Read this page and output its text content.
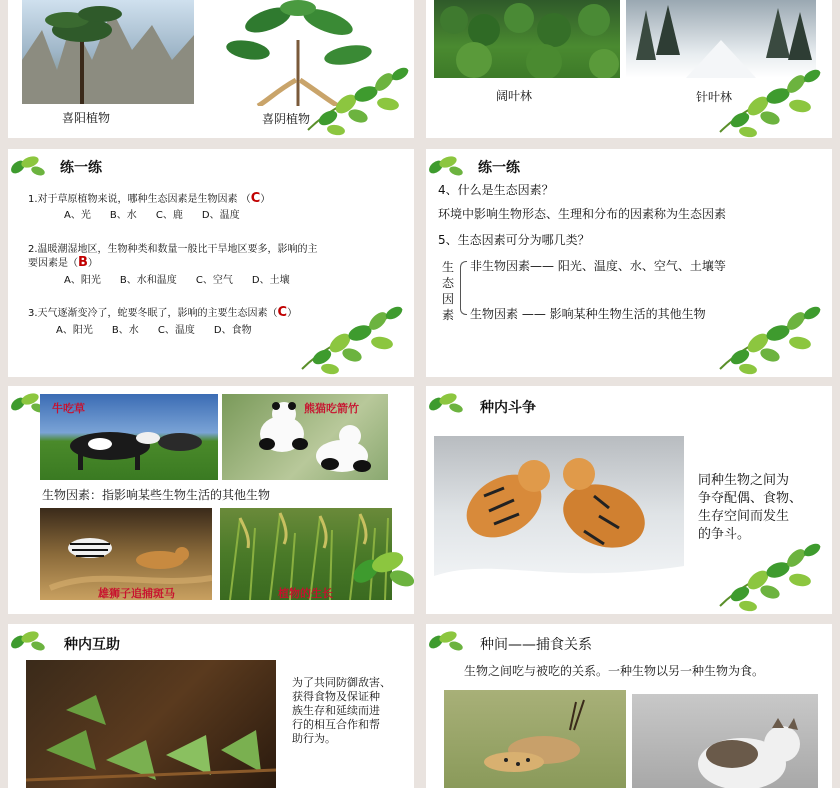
喜阳植物	喜阴植物
阔叶林	针叶林
练一练
1.对于草原植物来说，哪种生态因素是生物因素 （C）
A、光      B、水      C、鹿      D、温度
2.温暖潮湿地区，生物种类和数量一般比干旱地区要多，影响的主
要因素是（B）
A、阳光      B、水和温度      C、空气      D、土壤
3.天气逐渐变冷了，蛇要冬眠了，影响的主要生态因素（C）
A、阳光      B、水      C、温度      D、食物
练一练
4、什么是生态因素？
环境中影响生物形态、生理和分布的因素称为生态因素
5、生态因素可分为哪几类？
生
态
因
素
非生物因素—— 阳光、温度、水、空气、土壤等
生物因素 —— 影响某种生物生活的其他生物
牛吃草	熊猫吃箭竹
生物因素：指影响某些生物生活的其他生物
雄狮子追捕斑马	植物的生长
种内斗争
同种生物之间为
争夺配偶、食物、
生存空间而发生
的争斗。
种内互助
为了共同防御敌害、
获得食物及保证种
族生存和延续而进
行的相互合作和帮
助行为。
种间——捕食关系
生物之间吃与被吃的关系。一种生物以另一种生物为食。
